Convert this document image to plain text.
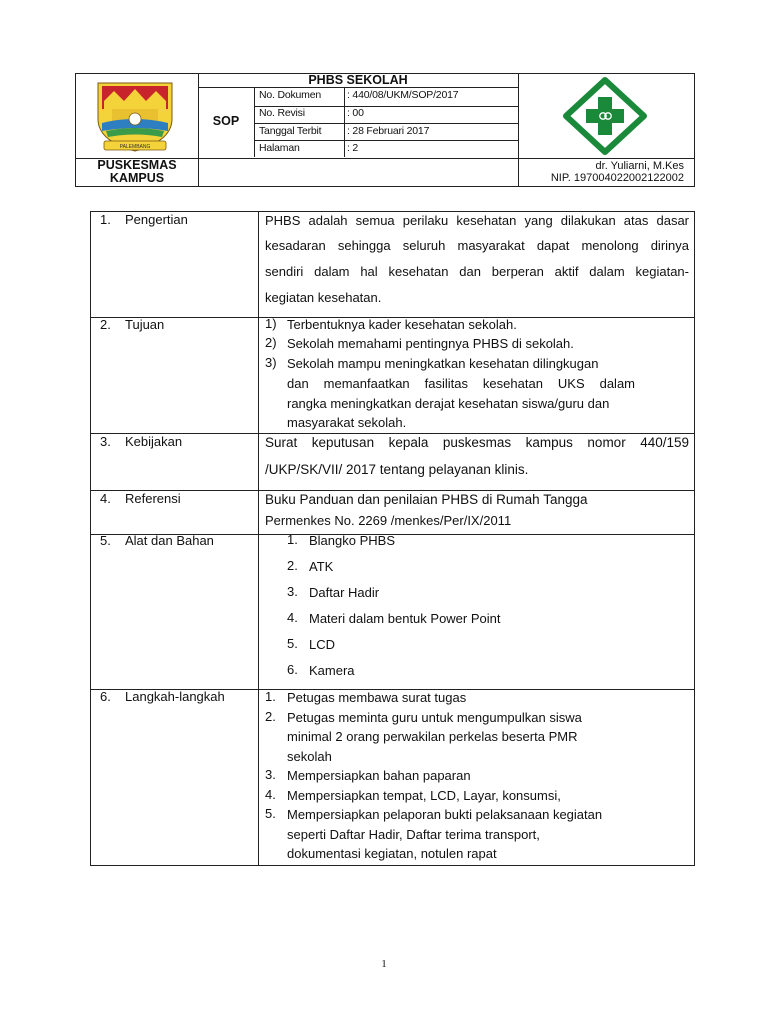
PALEMBANG
PHBS SEKOLAH
SOP
No. Dokumen : 440/08/UKM/SOP/2017
No. Revisi	: 00
Tanggal Terbit : 28 Februari 2017
Halaman	: 2
PUSKESMAS
KAMPUS
dr. Yuliarni, M.Kes
NIP. 197004022002122002
1. Pengertian	PHBS adalah semua perilaku kesehatan yang dilakukan atas dasar
kesadaran sehingga seluruh masyarakat dapat menolong dirinya
sendiri dalam hal kesehatan dan berperan aktif dalam kegiatan-
kegiatan kesehatan.
2. Tujuan	1) Terbentuknya kader kesehatan sekolah.
2) Sekolah memahami pentingnya PHBS di sekolah.
3) Sekolah mampu meningkatkan kesehatan dilingkugan
dan memanfaatkan fasilitas kesehatan UKS dalam
rangka meningkatkan derajat kesehatan siswa/guru dan
masyarakat sekolah.
3. Kebijakan	Surat keputusan kepala puskesmas kampus nomor 440/159
/UKP/SK/VII/ 2017 tentang pelayanan klinis.
4. Referensi	Buku Panduan dan penilaian PHBS di Rumah Tangga
Permenkes No. 2269 /menkes/Per/IX/2011
5. Alat dan Bahan	1. Blangko PHBS
2. ATK
3. Daftar Hadir
4. Materi dalam bentuk Power Point
5. LCD
6. Kamera
6. Langkah-langkah	1. Petugas membawa surat tugas
2. Petugas meminta guru untuk mengumpulkan siswa
minimal 2 orang perwakilan perkelas beserta PMR
sekolah
3. Mempersiapkan bahan paparan
4. Mempersiapkan tempat, LCD, Layar, konsumsi,
5. Mempersiapkan pelaporan bukti pelaksanaan kegiatan
seperti Daftar Hadir, Daftar terima transport,
dokumentasi kegiatan, notulen rapat
1
